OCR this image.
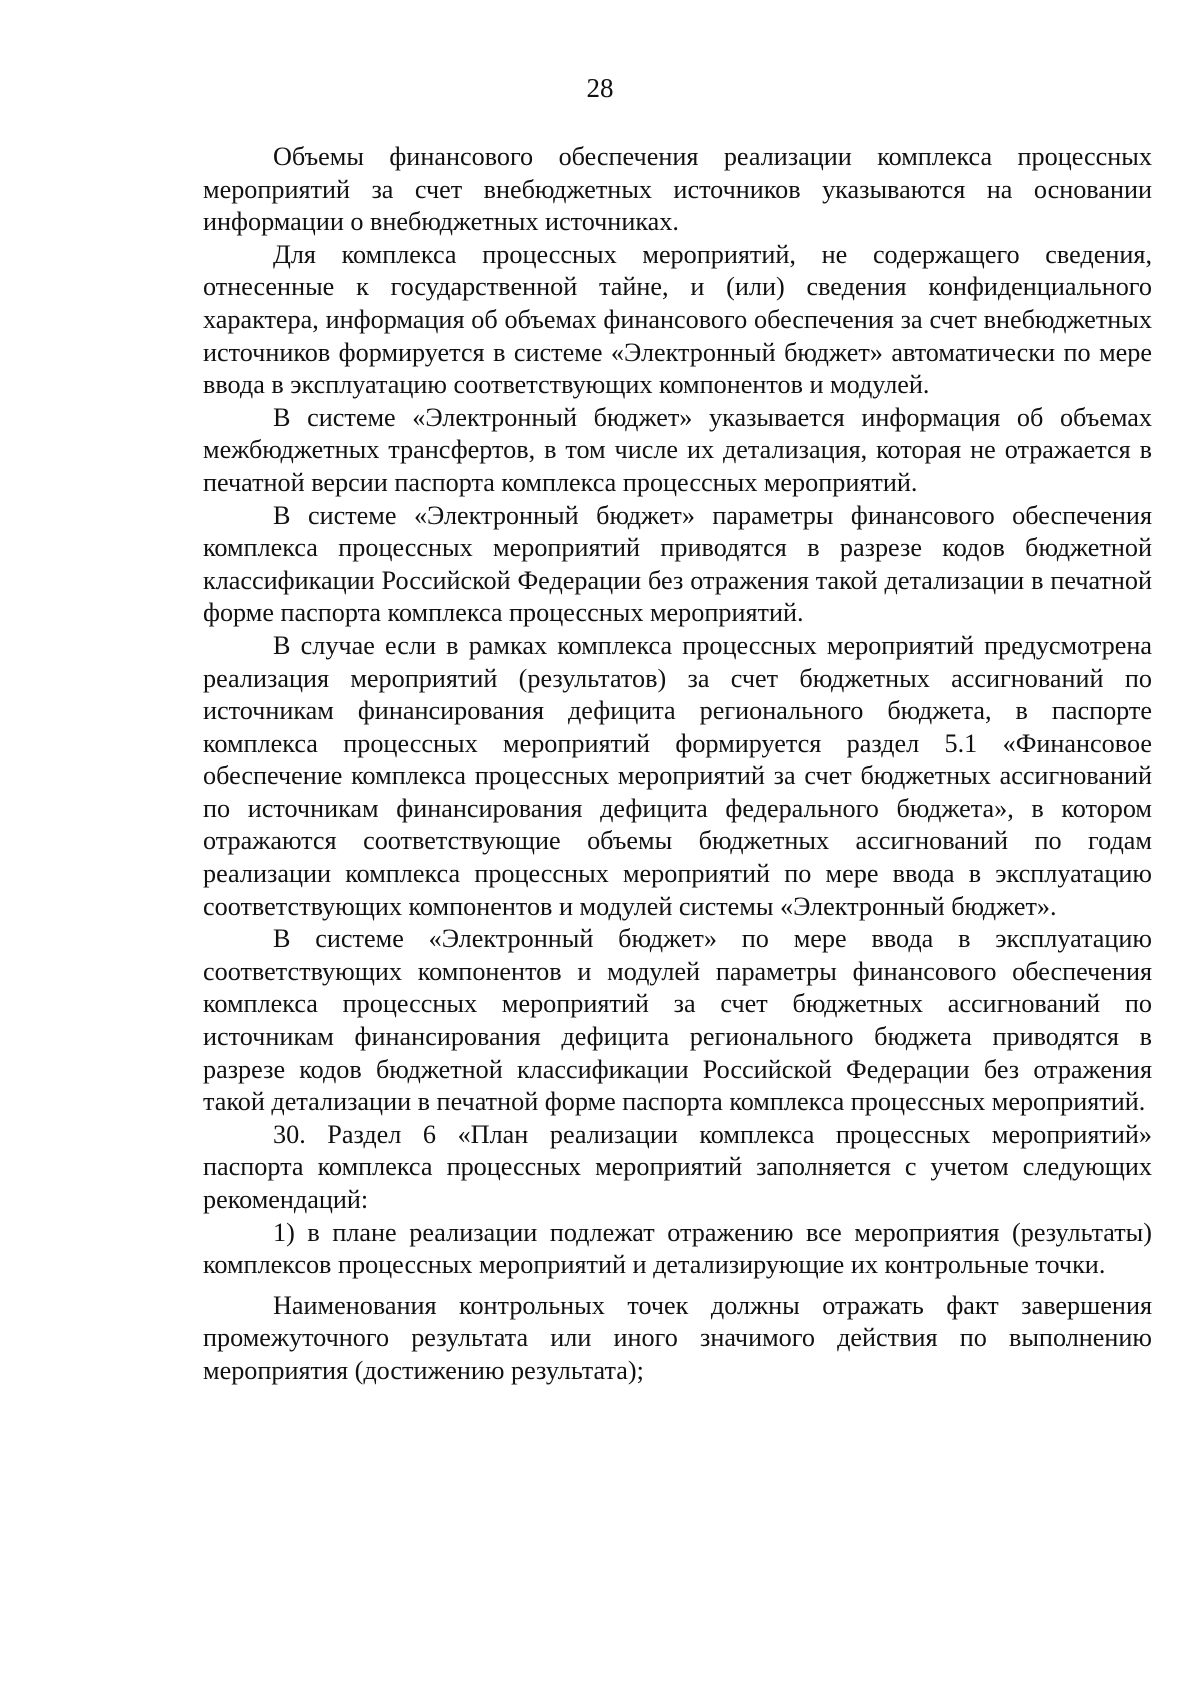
28

Объемы финансового обеспечения реализации комплекса процессных мероприятий за счет внебюджетных источников указываются на основании информации о внебюджетных источниках.

Для комплекса процессных мероприятий, не содержащего сведения, отнесенные к государственной тайне, и (или) сведения конфиденциального характера, информация об объемах финансового обеспечения за счет внебюджетных источников формируется в системе «Электронный бюджет» автоматически по мере ввода в эксплуатацию соответствующих компонентов и модулей.

В системе «Электронный бюджет» указывается информация об объемах межбюджетных трансфертов, в том числе их детализация, которая не отражается в печатной версии паспорта комплекса процессных мероприятий.

В системе «Электронный бюджет» параметры финансового обеспечения комплекса процессных мероприятий приводятся в разрезе кодов бюджетной классификации Российской Федерации без отражения такой детализации в печатной форме паспорта комплекса процессных мероприятий.

В случае если в рамках комплекса процессных мероприятий предусмотрена реализация мероприятий (результатов) за счет бюджетных ассигнований по источникам финансирования дефицита регионального бюджета, в паспорте комплекса процессных мероприятий формируется раздел 5.1 «Финансовое обеспечение комплекса процессных мероприятий за счет бюджетных ассигнований по источникам финансирования дефицита федерального бюджета», в котором отражаются соответствующие объемы бюджетных ассигнований по годам реализации комплекса процессных мероприятий по мере ввода в эксплуатацию соответствующих компонентов и модулей системы «Электронный бюджет».

В системе «Электронный бюджет» по мере ввода в эксплуатацию соответствующих компонентов и модулей параметры финансового обеспечения комплекса процессных мероприятий за счет бюджетных ассигнований по источникам финансирования дефицита регионального бюджета приводятся в разрезе кодов бюджетной классификации Российской Федерации без отражения такой детализации в печатной форме паспорта комплекса процессных мероприятий.

30. Раздел 6 «План реализации комплекса процессных мероприятий» паспорта комплекса процессных мероприятий заполняется с учетом следующих рекомендаций:

1) в плане реализации подлежат отражению все мероприятия (результаты) комплексов процессных мероприятий и детализирующие их контрольные точки.

Наименования контрольных точек должны отражать факт завершения промежуточного результата или иного значимого действия по выполнению мероприятия (достижению результата);
